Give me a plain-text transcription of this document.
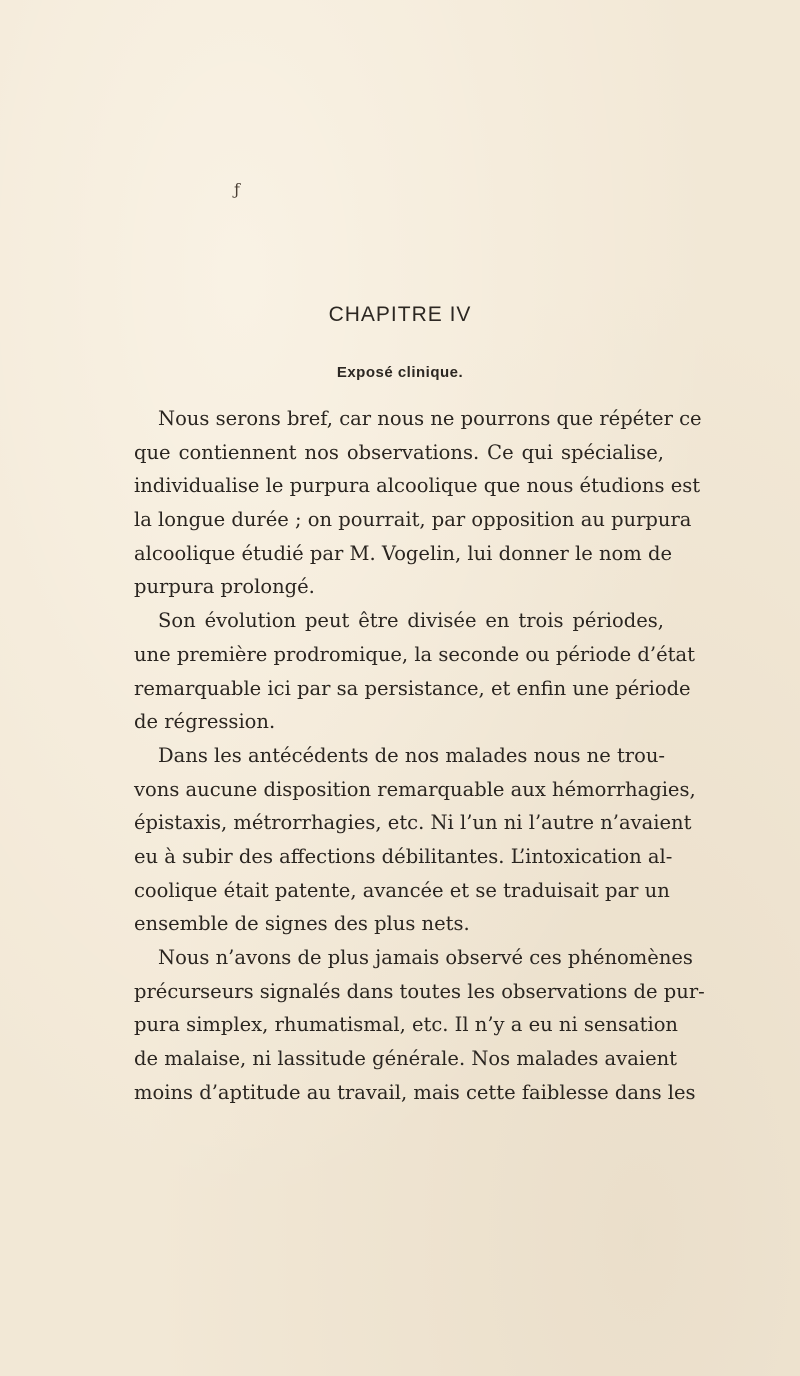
ƒ
CHAPITRE IV
Exposé clinique.
Nous serons bref, car nous ne pourrons que répéter ce
que contiennent nos observations. Ce qui spécialise,
individualise le purpura alcoolique que nous étudions est
la longue durée ; on pourrait, par opposition au purpura
alcoolique étudié par M. Vogelin, lui donner le nom de
purpura prolongé.
Son évolution peut être divisée en trois périodes,
une première prodromique, la seconde ou période d’état
remarquable ici par sa persistance, et enfin une période
de régression.
Dans les antécédents de nos malades nous ne trou-
vons aucune disposition remarquable aux hémorrhagies,
épistaxis, métrorrhagies, etc. Ni l’un ni l’autre n’avaient
eu à subir des affections débilitantes. L’intoxication al-
coolique était patente, avancée et se traduisait par un
ensemble de signes des plus nets.
Nous n’avons de plus jamais observé ces phénomènes
précurseurs signalés dans toutes les observations de pur-
pura simplex, rhumatismal, etc. Il n’y a eu ni sensation
de malaise, ni lassitude générale. Nos malades avaient
moins d’aptitude au travail, mais cette faiblesse dans les
